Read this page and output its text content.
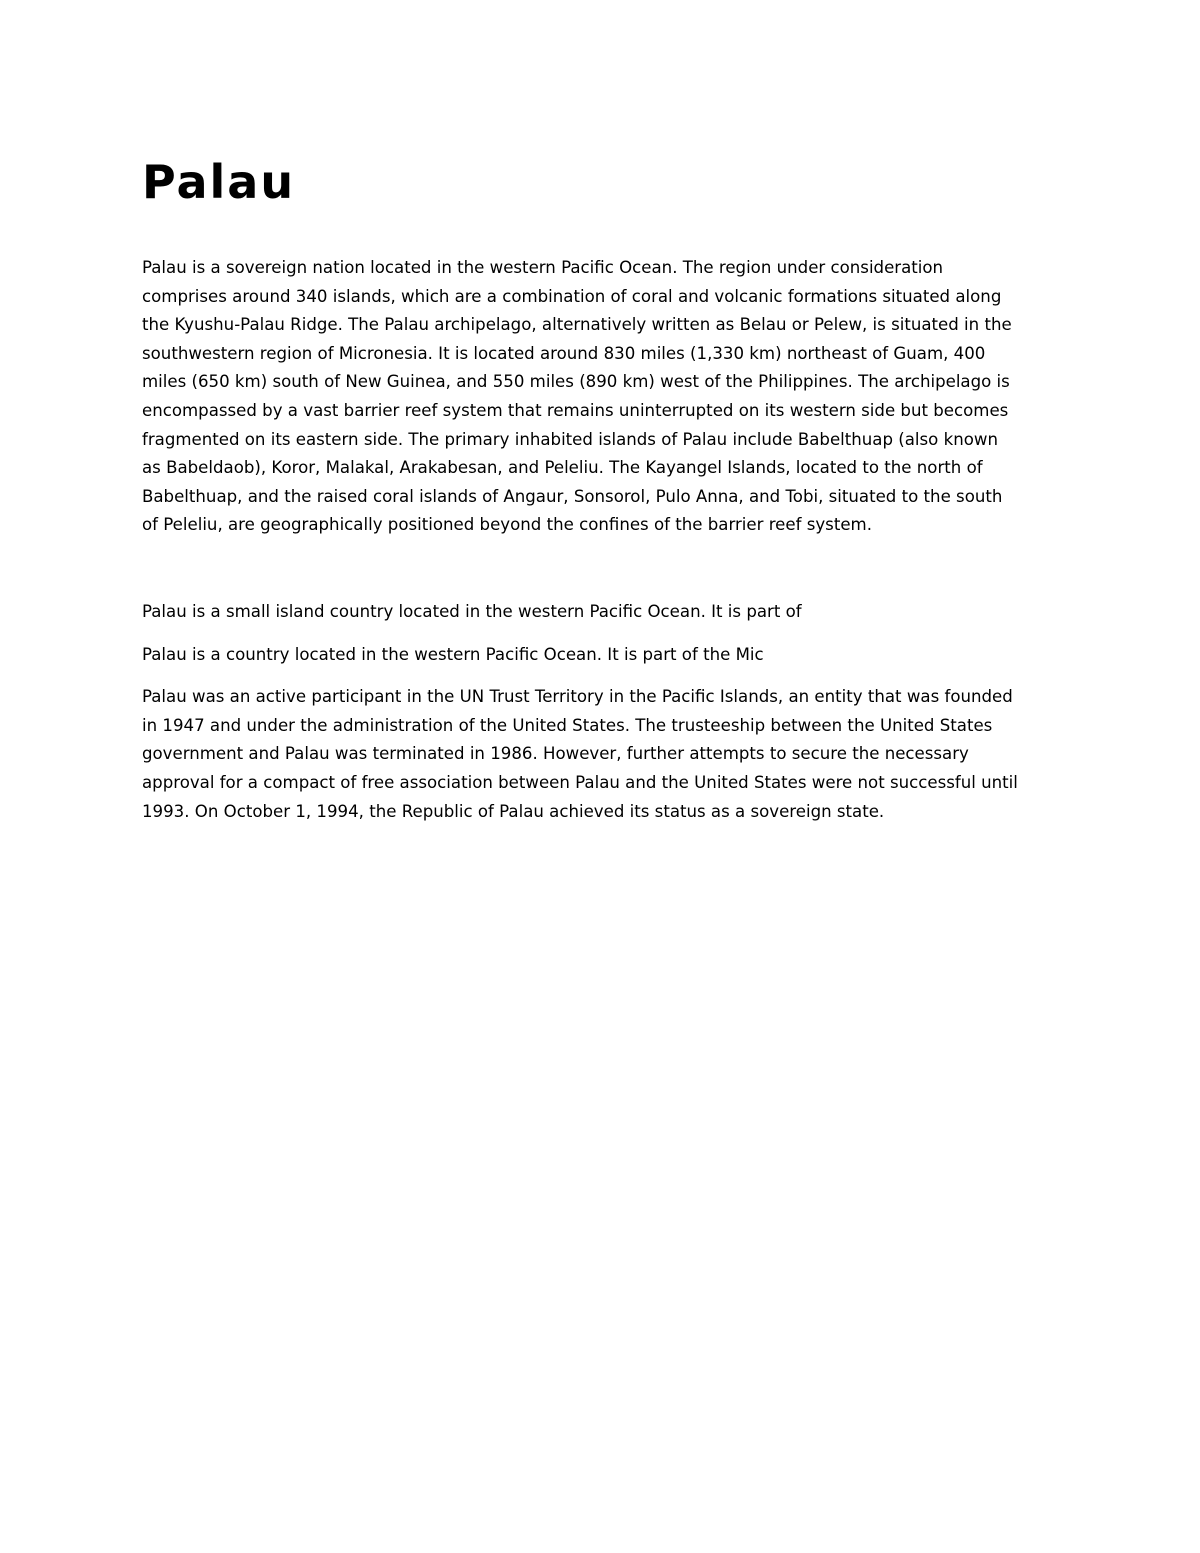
Palau

Palau is a sovereign nation located in the western Pacific Ocean. The region under consideration
comprises around 340 islands, which are a combination of coral and volcanic formations situated along
the Kyushu-Palau Ridge. The Palau archipelago, alternatively written as Belau or Pelew, is situated in the
southwestern region of Micronesia. It is located around 830 miles (1,330 km) northeast of Guam, 400
miles (650 km) south of New Guinea, and 550 miles (890 km) west of the Philippines. The archipelago is
encompassed by a vast barrier reef system that remains uninterrupted on its western side but becomes
fragmented on its eastern side. The primary inhabited islands of Palau include Babelthuap (also known
as Babeldaob), Koror, Malakal, Arakabesan, and Peleliu. The Kayangel Islands, located to the north of
Babelthuap, and the raised coral islands of Angaur, Sonsorol, Pulo Anna, and Tobi, situated to the south
of Peleliu, are geographically positioned beyond the confines of the barrier reef system.

Palau is a small island country located in the western Pacific Ocean. It is part of

Palau is a country located in the western Pacific Ocean. It is part of the Mic

Palau was an active participant in the UN Trust Territory in the Pacific Islands, an entity that was founded
in 1947 and under the administration of the United States. The trusteeship between the United States
government and Palau was terminated in 1986. However, further attempts to secure the necessary
approval for a compact of free association between Palau and the United States were not successful until
1993. On October 1, 1994, the Republic of Palau achieved its status as a sovereign state.
